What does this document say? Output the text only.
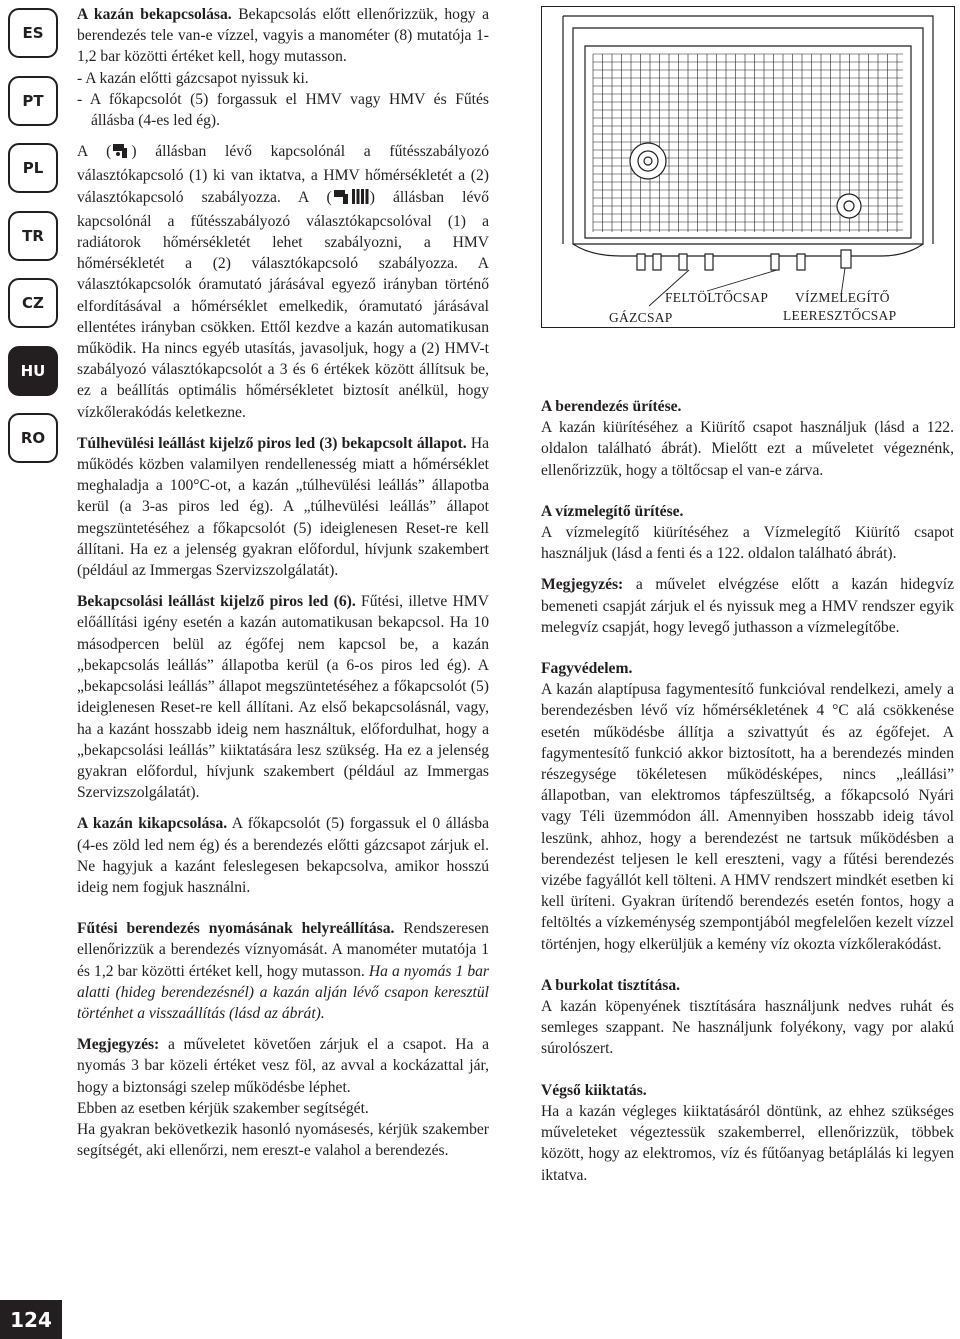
ES
PT
PL
TR
CZ
HU
RO

A kazán bekapcsolása. Bekapcsolás előtt ellenőrizzük, hogy a berendezés tele van-e vízzel, vagyis a manométer (8) mutatója 1-1,2 bar közötti értéket kell, hogy mutasson.

- A kazán előtti gázcsapot nyissuk ki.

- A főkapcsolót (5) forgassuk el HMV vagy HMV és Fűtés állásba (4-es led ég).

A ( ) állásban lévő kapcsolónál a fűtésszabályozó választókapcsoló (1) ki van iktatva, a HMV hőmérsékletét a (2) választókapcsoló szabályozza. A ( ) állásban lévő kapcsolónál a fűtésszabályozó választókapcsolóval (1) a radiátorok hőmérsékletét lehet szabályozni, a HMV hőmérsékletét a (2) választókapcsoló szabályozza. A választókapcsolók óramutató járásával egyező irányban történő elfordításával a hőmérséklet emelkedik, óramutató járásával ellentétes irányban csökken. Ettől kezdve a kazán automatikusan működik. Ha nincs egyéb utasítás, javasoljuk, hogy a (2) HMV-t szabályozó választókapcsolót a 3 és 6 értékek között állítsuk be, ez a beállítás optimális hőmérsékletet biztosít anélkül, hogy vízkőlerakódás keletkezne.

Túlhevülési leállást kijelző piros led (3) bekapcsolt állapot. Ha működés közben valamilyen rendellenesség miatt a hőmérséklet meghaladja a 100°C-ot, a kazán „túlhevülési leállás” állapotba kerül (a 3-as piros led ég). A „túlhevülési leállás” állapot megszüntetéséhez a főkapcsolót (5) ideiglenesen Reset-re kell állítani. Ha ez a jelenség gyakran előfordul, hívjunk szakembert (például az Immergas Szervizszolgálatát).

Bekapcsolási leállást kijelző piros led (6). Fűtési, illetve HMV előállítási igény esetén a kazán automatikusan bekapcsol. Ha 10 másodpercen belül az égőfej nem kapcsol be, a kazán „bekapcsolás leállás” állapotba kerül (a 6-os piros led ég). A „bekapcsolási leállás” állapot megszüntetéséhez a főkapcsolót (5) ideiglenesen Reset-re kell állítani. Az első bekapcsolásnál, vagy, ha a kazánt hosszabb ideig nem használtuk, előfordulhat, hogy a „bekapcsolási leállás” kiiktatására lesz szükség. Ha ez a jelenség gyakran előfordul, hívjunk szakembert (például az Immergas Szervizszolgálatát).

A kazán kikapcsolása. A főkapcsolót (5) forgassuk el 0 állásba (4-es zöld led nem ég) és a berendezés előtti gázcsapot zárjuk el. Ne hagyjuk a kazánt feleslegesen bekapcsolva, amikor hosszú ideig nem fogjuk használni.

Fűtési berendezés nyomásának helyreállítása. Rendszeresen ellenőrizzük a berendezés víznyomását. A manométer mutatója 1 és 1,2 bar közötti értéket kell, hogy mutasson. Ha a nyomás 1 bar alatti (hideg berendezésnél) a kazán alján lévő csapon keresztül történhet a visszaállítás (lásd az ábrát).

Megjegyzés: a műveletet követően zárjuk el a csapot. Ha a nyomás 3 bar közeli értéket vesz föl, az avval a kockázattal jár, hogy a biztonsági szelep működésbe léphet.

Ebben az esetben kérjük szakember segítségét.

Ha gyakran bekövetkezik hasonló nyomásesés, kérjük szakember segítségét, aki ellenőrzi, nem ereszt-e valahol a berendezés.

GÁZCSAP
FELTÖLTŐCSAP VÍZMELEGÍTŐ
LEERESZTŐCSAP

A berendezés ürítése.

A kazán kiürítéséhez a Kiürítő csapot használjuk (lásd a 122. oldalon található ábrát). Mielőtt ezt a műveletet végeznénk, ellenőrizzük, hogy a töltőcsap el van-e zárva.

A vízmelegítő ürítése.

A vízmelegítő kiürítéséhez a Vízmelegítő Kiürítő csapot használjuk (lásd a fenti és a 122. oldalon található ábrát).

Megjegyzés: a művelet elvégzése előtt a kazán hidegvíz bemeneti csapját zárjuk el és nyissuk meg a HMV rendszer egyik melegvíz csapját, hogy levegő juthasson a vízmelegítőbe.

Fagyvédelem.

A kazán alaptípusa fagymentesítő funkcióval rendelkezi, amely a berendezésben lévő víz hőmérsékletének 4 °C alá csökkenése esetén működésbe állítja a szivattyút és az égőfejet. A fagymentesítő funkció akkor biztosított, ha a berendezés minden részegysége tökéletesen működésképes, nincs „leállási” állapotban, van elektromos tápfeszültség, a főkapcsoló Nyári vagy Téli üzemmódon áll. Amennyiben hosszabb ideig távol leszünk, ahhoz, hogy a berendezést ne tartsuk működésben a berendezést teljesen le kell ereszteni, vagy a fűtési berendezés vizébe fagyállót kell tölteni. A HMV rendszert mindkét esetben ki kell üríteni. Gyakran ürítendő berendezés esetén fontos, hogy a feltöltés a vízkeménység szempontjából megfelelően kezelt vízzel történjen, hogy elkerüljük a kemény víz okozta vízkőlerakódást.

A burkolat tisztítása.

A kazán köpenyének tisztítására használjunk nedves ruhát és semleges szappant. Ne használjunk folyékony, vagy por alakú súrolószert.

Végső kiiktatás.

Ha a kazán végleges kiiktatásáról döntünk, az ehhez szükséges műveleteket végeztessük szakemberrel, ellenőrizzük, többek között, hogy az elektromos, víz és fűtőanyag betáplálás ki legyen iktatva.

124
